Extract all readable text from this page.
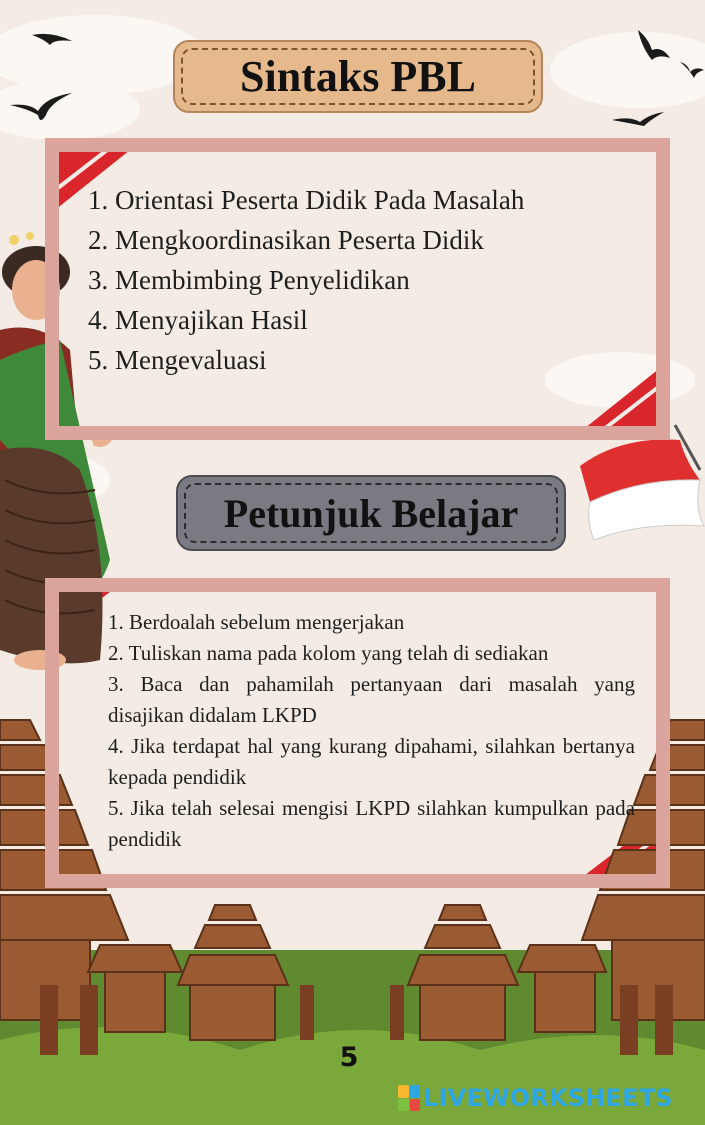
Sintaks PBL
1. Orientasi Peserta Didik Pada Masalah
2. Mengkoordinasikan Peserta Didik
3. Membimbing Penyelidikan
4. Menyajikan Hasil
5. Mengevaluasi
Petunjuk Belajar
1. Berdoalah sebelum mengerjakan
2. Tuliskan nama pada kolom yang telah di sediakan
3. Baca dan pahamilah pertanyaan dari masalah yang disajikan didalam LKPD
4. Jika terdapat hal yang kurang dipahami, silahkan bertanya kepada pendidik
5. Jika telah selesai mengisi LKPD silahkan kumpulkan pada pendidik
5
LIVEWORKSHEETS
